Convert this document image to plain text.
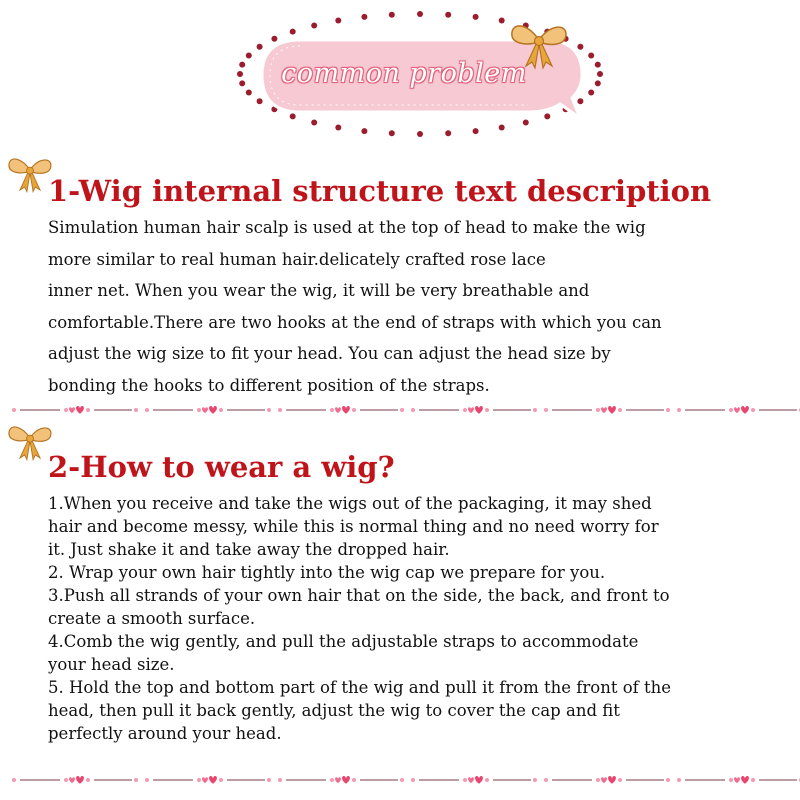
common problem
1-Wig internal structure text description
Simulation human hair scalp is used at the top of head to make the wig
more similar to real human hair.delicately crafted rose lace
inner net. When you wear the wig, it will be very breathable and
comfortable.There are two hooks at the end of straps with which you can
adjust the wig size to fit your head. You can adjust the head size by
bonding the hooks to different position of the straps.
2-How to wear a wig?
1.When you receive and take the wigs out of the packaging, it may shed
hair and become messy, while this is normal thing and no need worry for
it. Just shake it and take away the dropped hair.
2. Wrap your own hair tightly into the wig cap we prepare for you.
3.Push all strands of your own hair that on the side, the back, and front to
create a smooth surface.
4.Comb the wig gently, and pull the adjustable straps to accommodate
your head size.
5. Hold the top and bottom part of the wig and pull it from the front of the
head, then pull it back gently, adjust the wig to cover the cap and fit
perfectly around your head.
